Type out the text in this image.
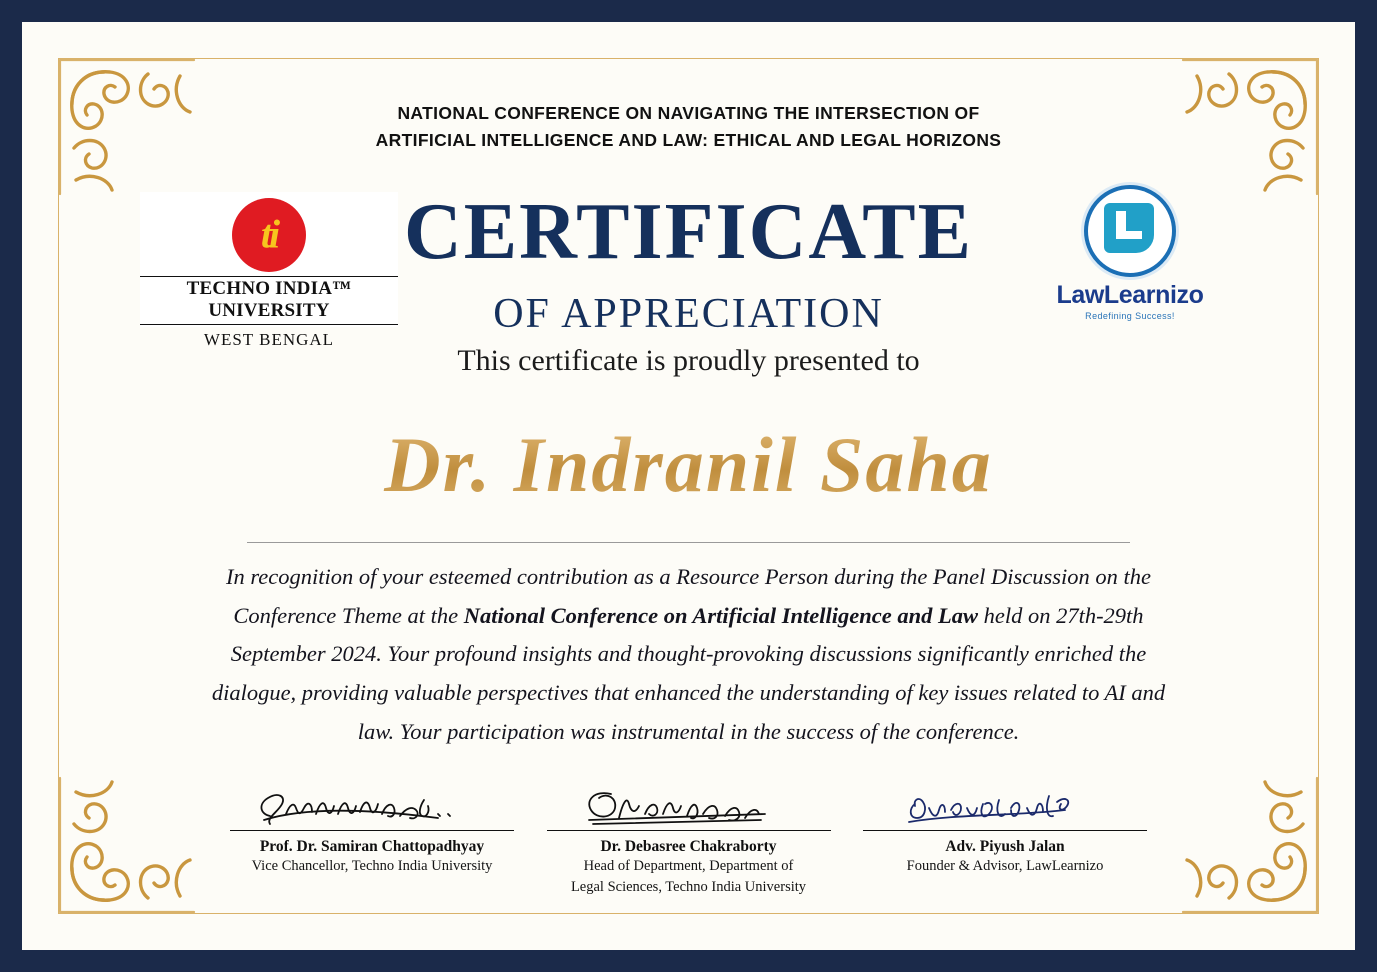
NATIONAL CONFERENCE ON NAVIGATING THE INTERSECTION OF
ARTIFICIAL INTELLIGENCE AND LAW: ETHICAL AND LEGAL HORIZONS
ti
TECHNO INDIA™ UNIVERSITY
WEST BENGAL
LawLearnizo
Redefining Success!
CERTIFICATE
OF APPRECIATION
This certificate is proudly presented to
Dr. Indranil Saha
In recognition of your esteemed contribution as a Resource Person during the Panel Discussion on the Conference Theme at the National Conference on Artificial Intelligence and Law held on 27th-29th September 2024. Your profound insights and thought-provoking discussions significantly enriched the dialogue, providing valuable perspectives that enhanced the understanding of key issues related to AI and law. Your participation was instrumental in the success of the conference.
Prof. Dr. Samiran Chattopadhyay
Vice Chancellor, Techno India University
Dr. Debasree Chakraborty
Head of Department, Department of
Legal Sciences, Techno India University
Adv. Piyush Jalan
Founder & Advisor, LawLearnizo
